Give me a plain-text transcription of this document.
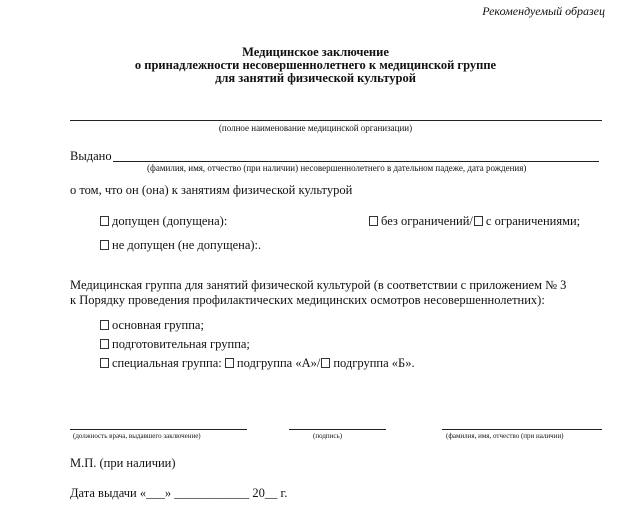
Рекомендуемый образец
Медицинское заключение
о принадлежности несовершеннолетнего к медицинской группе
для занятий физической культурой
(полное наименование медицинской организации)
Выдано
(фамилия, имя, отчество (при наличии) несовершеннолетнего в дательном падеже, дата рождения)
о том, что он (она) к занятиям физической культурой
допущен (допущена):	без ограничений/ с ограничениями;
не допущен (не допущена):.
Медицинская группа для занятий физической культурой (в соответствии с приложением № 3
к Порядку проведения профилактических медицинских осмотров несовершеннолетних):
основная группа;
подготовительная группа;
специальная группа: подгруппа «А»/ подгруппа «Б».
(должность врача, выдавшего заключение)	(подпись)	(фамилия, имя, отчество (при наличии)
М.П. (при наличии)
Дата выдачи «___» ____________ 20__ г.
